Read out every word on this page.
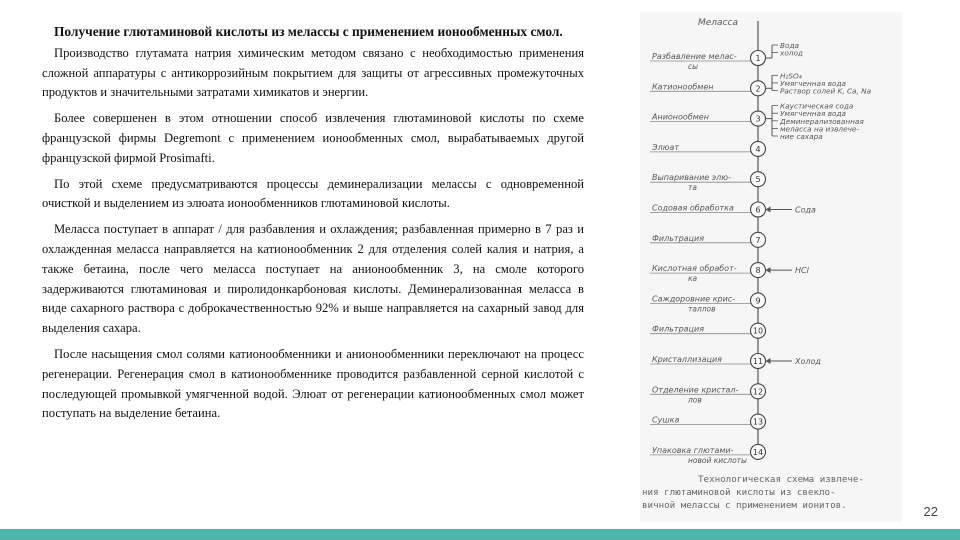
Получение глютаминовой кислоты из мелассы с применением ионообменных смол.

Производство глутамата натрия химическим методом связано с необходимостью применения сложной аппаратуры с антикоррозийным покрытием для защиты от агрессивных промежуточных продуктов и значительными затратами химикатов и энергии.

Более совершенен в этом отношении способ извлечения глютаминовой кислоты по схеме французской фирмы Degremont с применением ионообменных смол, вырабатываемых другой французской фирмой Prosimafti.

По этой схеме предусматриваются процессы деминерализации мелассы с одновременной очисткой и выделением из элюата ионообменников глютаминовой кислоты.

Меласса поступает в аппарат / для разбавления и охлаждения; разбавленная примерно в 7 раз и охлажденная меласса направляется на катионообменник 2 для отделения солей калия и натрия, а также бетаина, после чего меласса поступает на анионообменник 3, на смоле которого задерживаются глютаминовая и пиролидонкарбоновая кислоты. Деминерализованная меласса в виде сахарного раствора с доброкачественностью 92% и выше направляется на сахарный завод для выделения сахара.

После насыщения смол солями катионообменники и анионообменники переключают на процесс регенерации. Регенерация смол в катионообменнике проводится разбавленной серной кислотой с последующей промывкой умягченной водой. Элюат от регенерации катионообменных смол может поступать на выделение бетаина.

Мелacca
Разбавление мелас-
сы
1
Катионообмен	2
Анионообмен	3
Элюат	4
Выпаривание элю-
та
5
Содовая обработка	6
Фильтрация	7
Кислотная обработ-
ка
8
Саждоровние крис-
таллов
9
Фильтрация	10
Кристаллизация	11
Отделение кристал-
лов
12
Сушка	13
Упаковка глютами-
новой кислоты
14
Вода
холод
H₂SO₄
Умягченная вода
Раствор солей K, Ca, Na
Каустическая сода
Умягченная вода
Деминерализованная
меласса на извлече-
ние сахара
Сода
HCl
Холод
Технологическая схема извлече-
ния глютаминовой кислоты из свекло-
вичной мелассы с применением ионитов.	22
